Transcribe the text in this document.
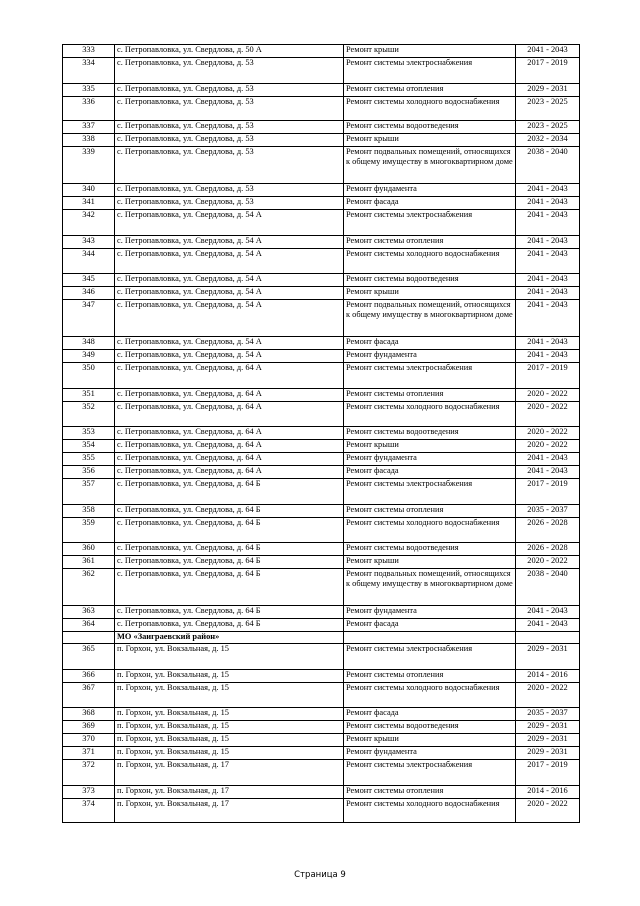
333	с. Петропавловка, ул. Свердлова, д. 50 А	Ремонт крыши	2041 - 2043
334	с. Петропавловка, ул. Свердлова, д. 53	Ремонт системы электроснабжения	2017 - 2019
335	с. Петропавловка, ул. Свердлова, д. 53	Ремонт системы отопления	2029 - 2031
336	с. Петропавловка, ул. Свердлова, д. 53	Ремонт системы холодного водоснабжения	2023 - 2025
337	с. Петропавловка, ул. Свердлова, д. 53	Ремонт системы водоотведения	2023 - 2025
338	с. Петропавловка, ул. Свердлова, д. 53	Ремонт крыши	2032 - 2034
339	с. Петропавловка, ул. Свердлова, д. 53	Ремонт подвальных помещений, относящихся к общему имуществу в многоквартирном доме	2038 - 2040
340	с. Петропавловка, ул. Свердлова, д. 53	Ремонт фундамента	2041 - 2043
341	с. Петропавловка, ул. Свердлова, д. 53	Ремонт фасада	2041 - 2043
342	с. Петропавловка, ул. Свердлова, д. 54 А	Ремонт системы электроснабжения	2041 - 2043
343	с. Петропавловка, ул. Свердлова, д. 54 А	Ремонт системы отопления	2041 - 2043
344	с. Петропавловка, ул. Свердлова, д. 54 А	Ремонт системы холодного водоснабжения	2041 - 2043
345	с. Петропавловка, ул. Свердлова, д. 54 А	Ремонт системы водоотведения	2041 - 2043
346	с. Петропавловка, ул. Свердлова, д. 54 А	Ремонт крыши	2041 - 2043
347	с. Петропавловка, ул. Свердлова, д. 54 А	Ремонт подвальных помещений, относящихся к общему имуществу в многоквартирном доме	2041 - 2043
348	с. Петропавловка, ул. Свердлова, д. 54 А	Ремонт фасада	2041 - 2043
349	с. Петропавловка, ул. Свердлова, д. 54 А	Ремонт фундамента	2041 - 2043
350	с. Петропавловка, ул. Свердлова, д. 64 А	Ремонт системы электроснабжения	2017 - 2019
351	с. Петропавловка, ул. Свердлова, д. 64 А	Ремонт системы отопления	2020 - 2022
352	с. Петропавловка, ул. Свердлова, д. 64 А	Ремонт системы холодного водоснабжения	2020 - 2022
353	с. Петропавловка, ул. Свердлова, д. 64 А	Ремонт системы водоотведения	2020 - 2022
354	с. Петропавловка, ул. Свердлова, д. 64 А	Ремонт крыши	2020 - 2022
355	с. Петропавловка, ул. Свердлова, д. 64 А	Ремонт фундамента	2041 - 2043
356	с. Петропавловка, ул. Свердлова, д. 64 А	Ремонт фасада	2041 - 2043
357	с. Петропавловка, ул. Свердлова, д. 64 Б	Ремонт системы электроснабжения	2017 - 2019
358	с. Петропавловка, ул. Свердлова, д. 64 Б	Ремонт системы отопления	2035 - 2037
359	с. Петропавловка, ул. Свердлова, д. 64 Б	Ремонт системы холодного водоснабжения	2026 - 2028
360	с. Петропавловка, ул. Свердлова, д. 64 Б	Ремонт системы водоотведения	2026 - 2028
361	с. Петропавловка, ул. Свердлова, д. 64 Б	Ремонт крыши	2020 - 2022
362	с. Петропавловка, ул. Свердлова, д. 64 Б	Ремонт подвальных помещений, относящихся к общему имуществу в многоквартирном доме	2038 - 2040
363	с. Петропавловка, ул. Свердлова, д. 64 Б	Ремонт фундамента	2041 - 2043
364	с. Петропавловка, ул. Свердлова, д. 64 Б	Ремонт фасада	2041 - 2043
	МО «Заиграевский район»		
365	п. Горхон, ул. Вокзальная, д. 15	Ремонт системы электроснабжения	2029 - 2031
366	п. Горхон, ул. Вокзальная, д. 15	Ремонт системы отопления	2014 - 2016
367	п. Горхон, ул. Вокзальная, д. 15	Ремонт системы холодного водоснабжения	2020 - 2022
368	п. Горхон, ул. Вокзальная, д. 15	Ремонт фасада	2035 - 2037
369	п. Горхон, ул. Вокзальная, д. 15	Ремонт системы водоотведения	2029 - 2031
370	п. Горхон, ул. Вокзальная, д. 15	Ремонт крыши	2029 - 2031
371	п. Горхон, ул. Вокзальная, д. 15	Ремонт фундамента	2029 - 2031
372	п. Горхон, ул. Вокзальная, д. 17	Ремонт системы электроснабжения	2017 - 2019
373	п. Горхон, ул. Вокзальная, д. 17	Ремонт системы отопления	2014 - 2016
374	п. Горхон, ул. Вокзальная, д. 17	Ремонт системы холодного водоснабжения	2020 - 2022
Страница 9
